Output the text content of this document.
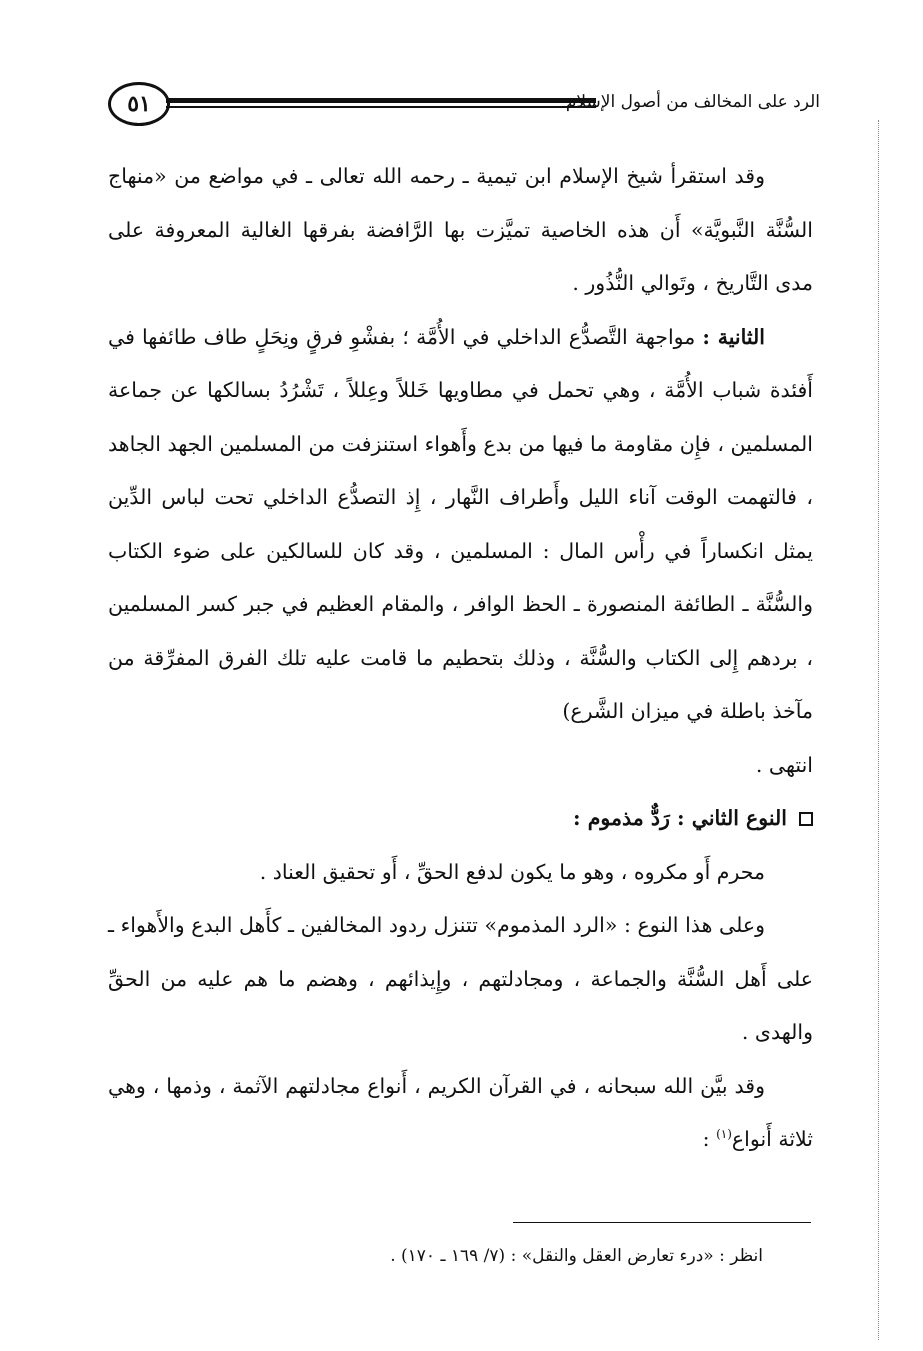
٥١	الرد على المخالف من أصول الإسلام

وقد استقرأ شيخ الإسلام ابن تيمية ـ رحمه الله تعالى ـ في مواضع من «منهاج السُّنَّة النَّبويَّة» أَن هذه الخاصية تميَّزت بها الرَّافضة بفرقها الغالية المعروفة على مدى التَّاريخ ، وتَوالي النُّذُور .

الثانية : مواجهة التَّصدُّع الداخلي في الأُمَّة ؛ بفشْوِ فرقٍ ونِحَلٍ طاف طائفها في أَفئدة شباب الأُمَّة ، وهي تحمل في مطاويها خَللاً وعِللاً ، تَشْرُدُ بسالكها عن جماعة المسلمين ، فإِن مقاومة ما فيها من بدع وأَهواء استنزفت من المسلمين الجهد الجاهد ، فالتهمت الوقت آناء الليل وأَطراف النَّهار ، إِذ التصدُّع الداخلي تحت لباس الدِّين يمثل انكساراً في رأْس المال : المسلمين ، وقد كان للسالكين على ضوء الكتاب والسُّنَّة ـ الطائفة المنصورة ـ الحظ الوافر ، والمقام العظيم في جبر كسر المسلمين ، بردهم إِلى الكتاب والسُّنَّة ، وذلك بتحطيم ما قامت عليه تلك الفرق المفرِّقة من مآخذ باطلة في ميزان الشَّرع)

انتهى .

النوع الثاني : رَدٌّ مذموم :

محرم أَو مكروه ، وهو ما يكون لدفع الحقِّ ، أَو تحقيق العناد .

وعلى هذا النوع : «الرد المذموم» تتنزل ردود المخالفين ـ كأَهل البدع والأَهواء ـ على أَهل السُّنَّة والجماعة ، ومجادلتهم ، وإِيذائهم ، وهضم ما هم عليه من الحقِّ والهدى .

وقد بيَّن الله سبحانه ، في القرآن الكريم ، أَنواع مجادلتهم الآثمة ، وذمها ، وهي ثلاثة أَنواع$^{(١)}$ :

انظر : «درء تعارض العقل والنقل» : (٧/ ١٦٩ ـ ١٧٠) .
